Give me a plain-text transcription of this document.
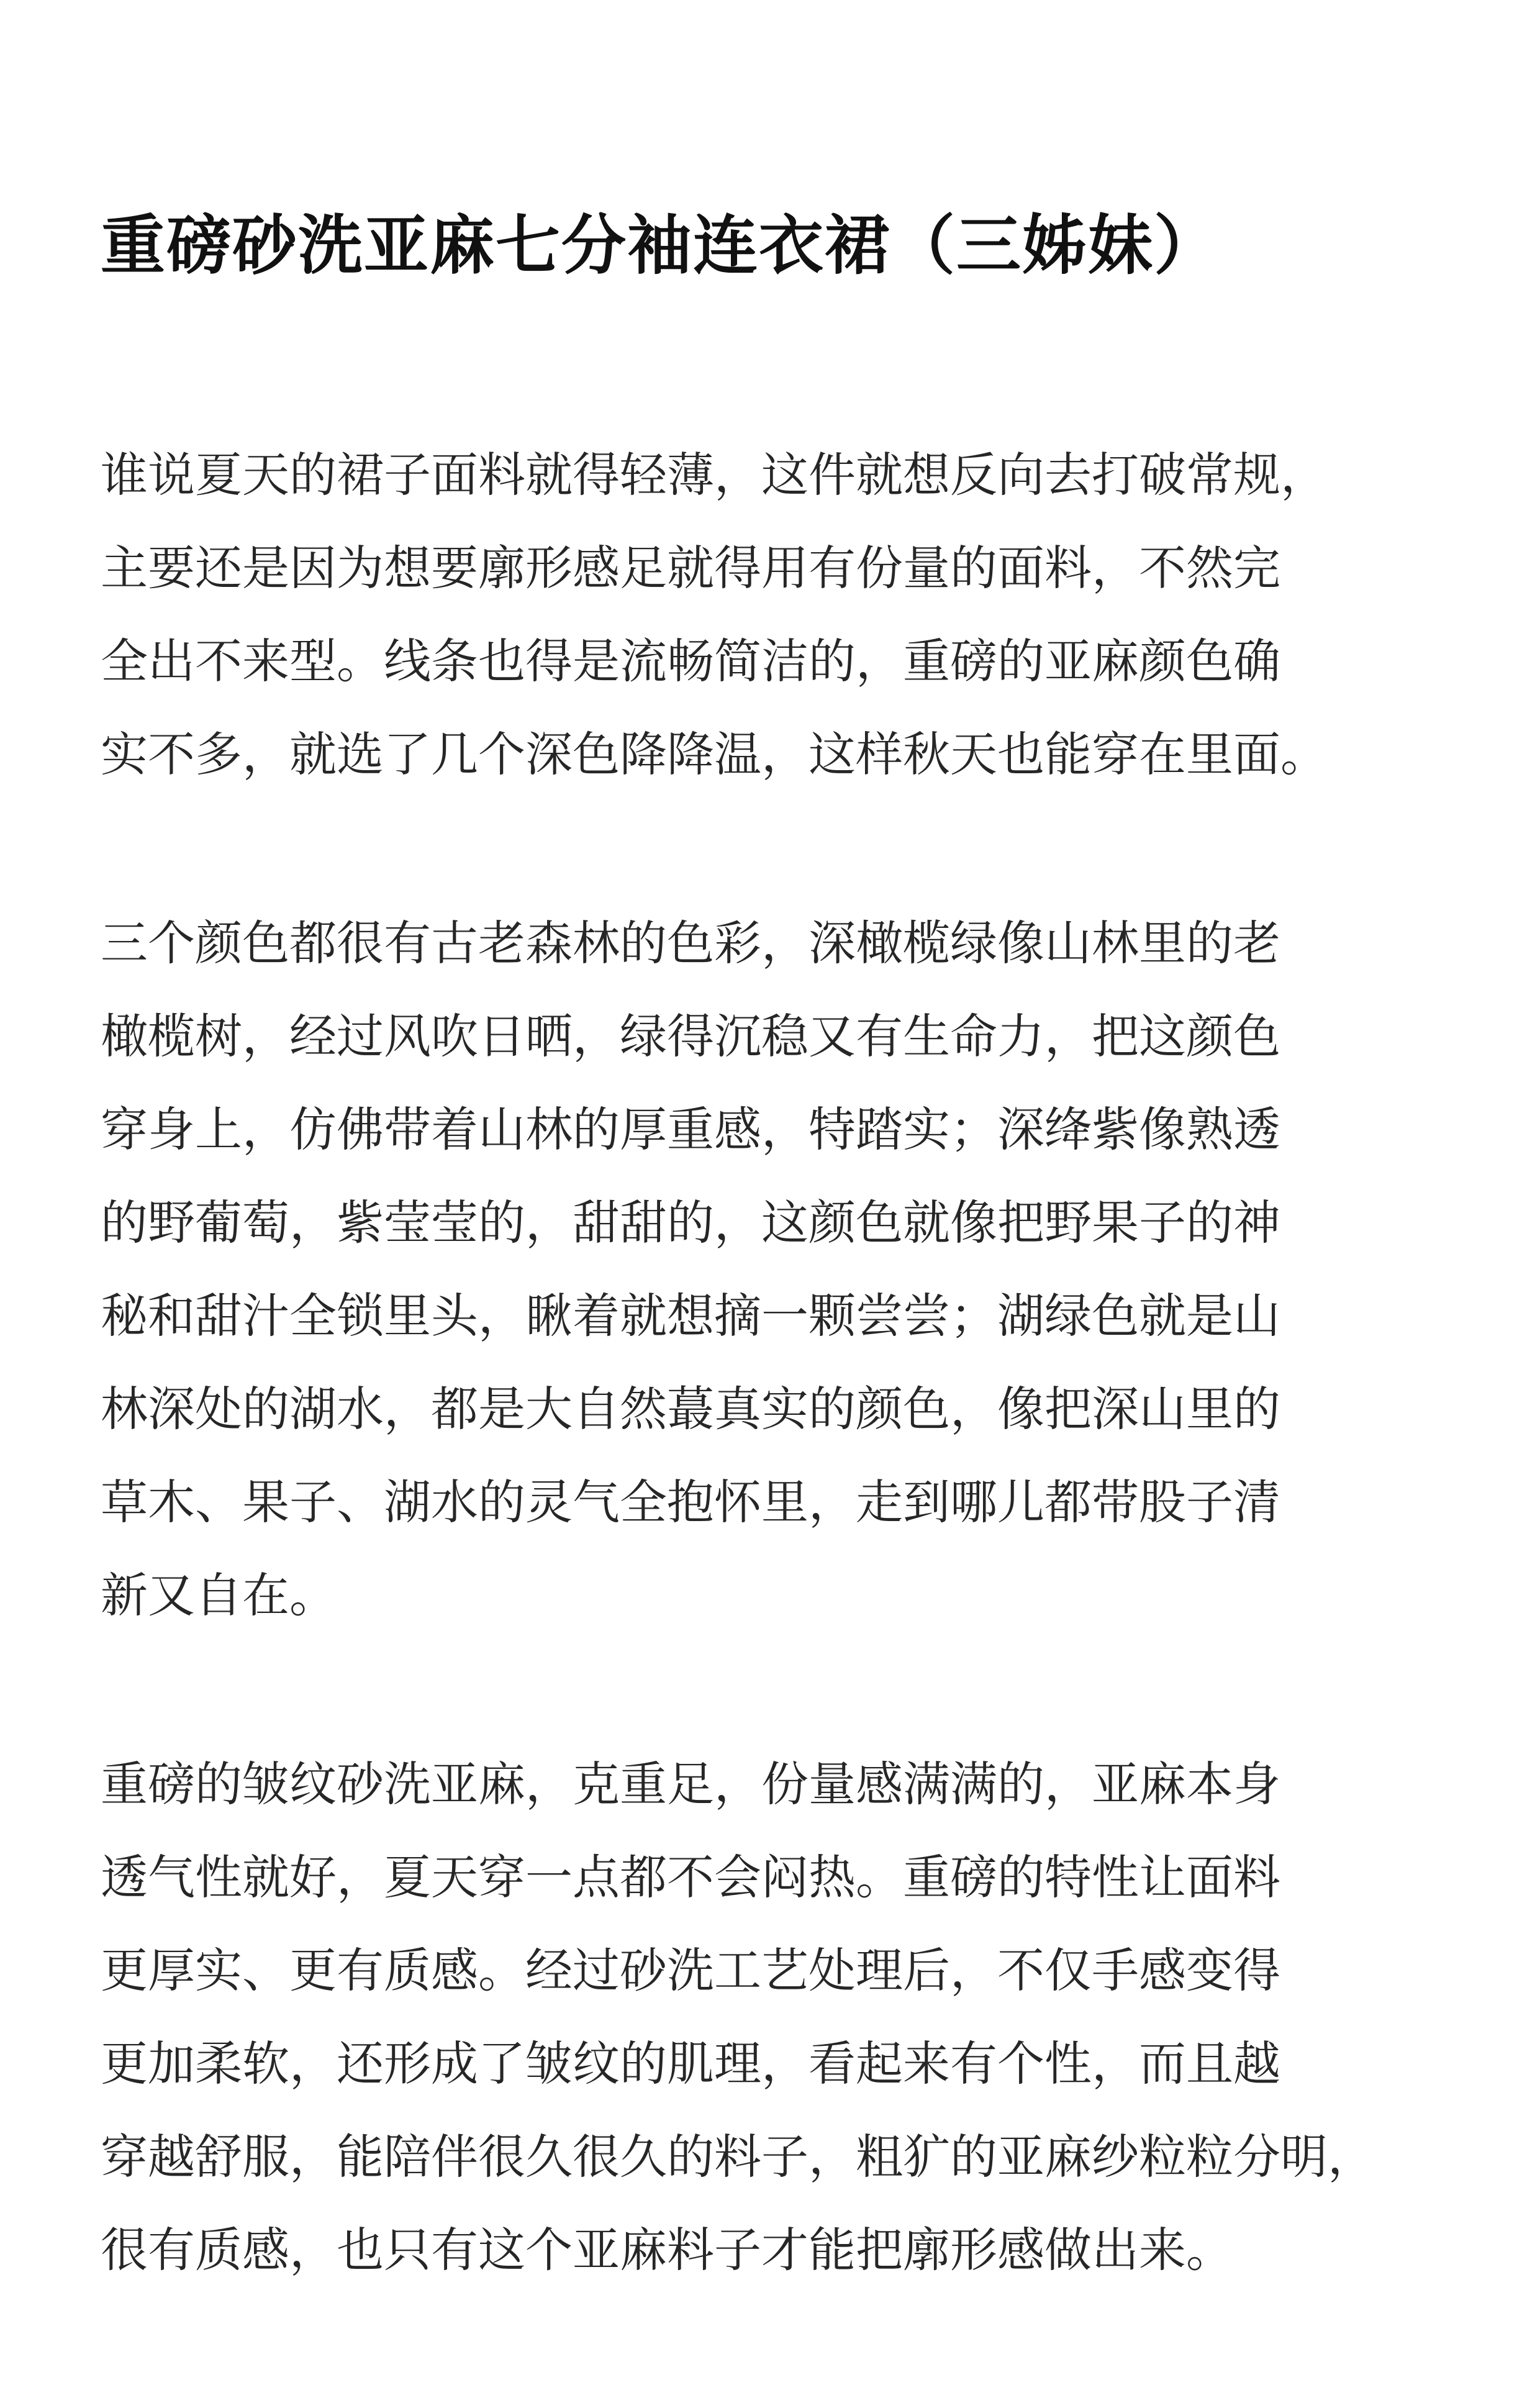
重磅砂洗亚麻七分袖连衣裙（三姊妹）
谁说夏天的裙子面料就得轻薄，这件就想反向去打破常规，
主要还是因为想要廓形感足就得用有份量的面料，不然完
全出不来型。线条也得是流畅简洁的，重磅的亚麻颜色确
实不多，就选了几个深色降降温，这样秋天也能穿在里面。
三个颜色都很有古老森林的色彩，深橄榄绿像山林里的老
橄榄树，经过风吹日晒，绿得沉稳又有生命力，把这颜色
穿身上，仿佛带着山林的厚重感，特踏实；深绛紫像熟透
的野葡萄，紫莹莹的，甜甜的，这颜色就像把野果子的神
秘和甜汁全锁里头，瞅着就想摘一颗尝尝；湖绿色就是山
林深处的湖水，都是大自然蕞真实的颜色，像把深山里的
草木、果子、湖水的灵气全抱怀里，走到哪儿都带股子清
新又自在。
重磅的皱纹砂洗亚麻，克重足，份量感满满的，亚麻本身
透气性就好，夏天穿一点都不会闷热。重磅的特性让面料
更厚实、更有质感。经过砂洗工艺处理后，不仅手感变得
更加柔软，还形成了皱纹的肌理，看起来有个性，而且越
穿越舒服，能陪伴很久很久的料子，粗犷的亚麻纱粒粒分明，
很有质感，也只有这个亚麻料子才能把廓形感做出来。
